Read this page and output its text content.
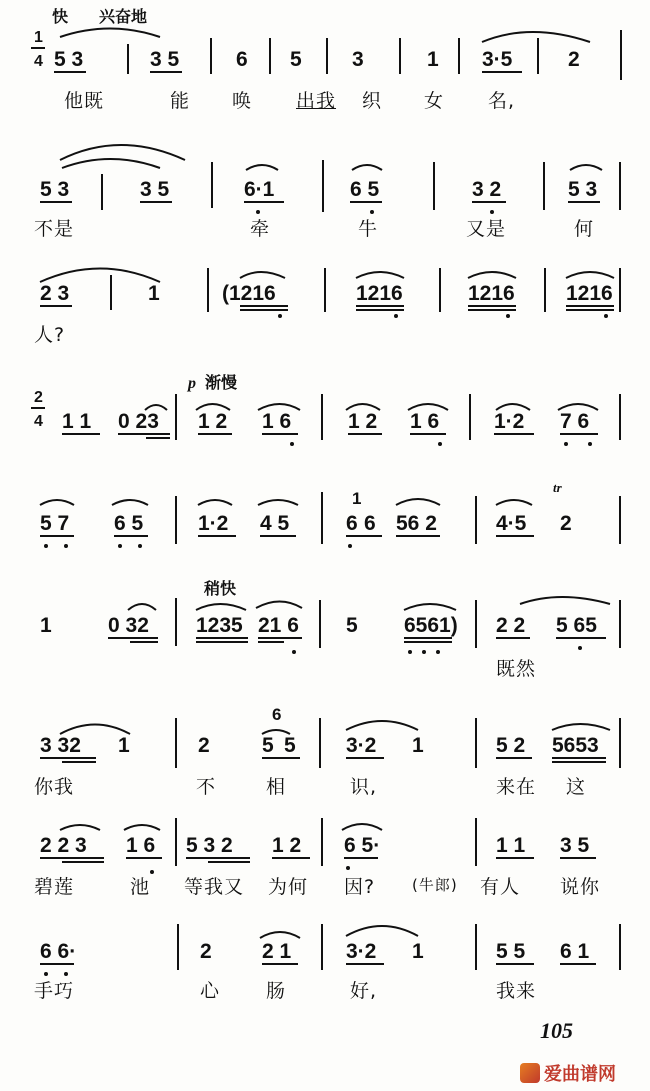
快 兴奋地
1
4 5 3	3 5	6 5 3	1 3·5	2
5 3	3 5	6·1	6 5	3 2	5 3
2 3	1	(1216	1216	1216 1216
p 渐慢
2
4 1 1 0 23 1 2 1 6	1 2 1 6	1·2 7 6
tr
5 7 6 5	1·2 4 5	6
1
6 56 2	4·5 2
稍快
1	0 32 1235 21 6 5 6561) 2 2 5 65
3 32 1	2
6
5 5 3·2 1	5 2 5653
2 2 3 1 6 5 3 2 1 2 6 5·	1 1 3 5
6 6·	2 2 1	3·2 1	5 5 6 1
他既	能 唤 出我 织 女 名,
不是	牵	牛	又是	何
人?
既然
你我	不	相	识,	来在 这
碧莲	池 等我又 为何 因? (牛郎) 有人 说你
手巧	心 肠	好,	我来
105
爱曲谱网
